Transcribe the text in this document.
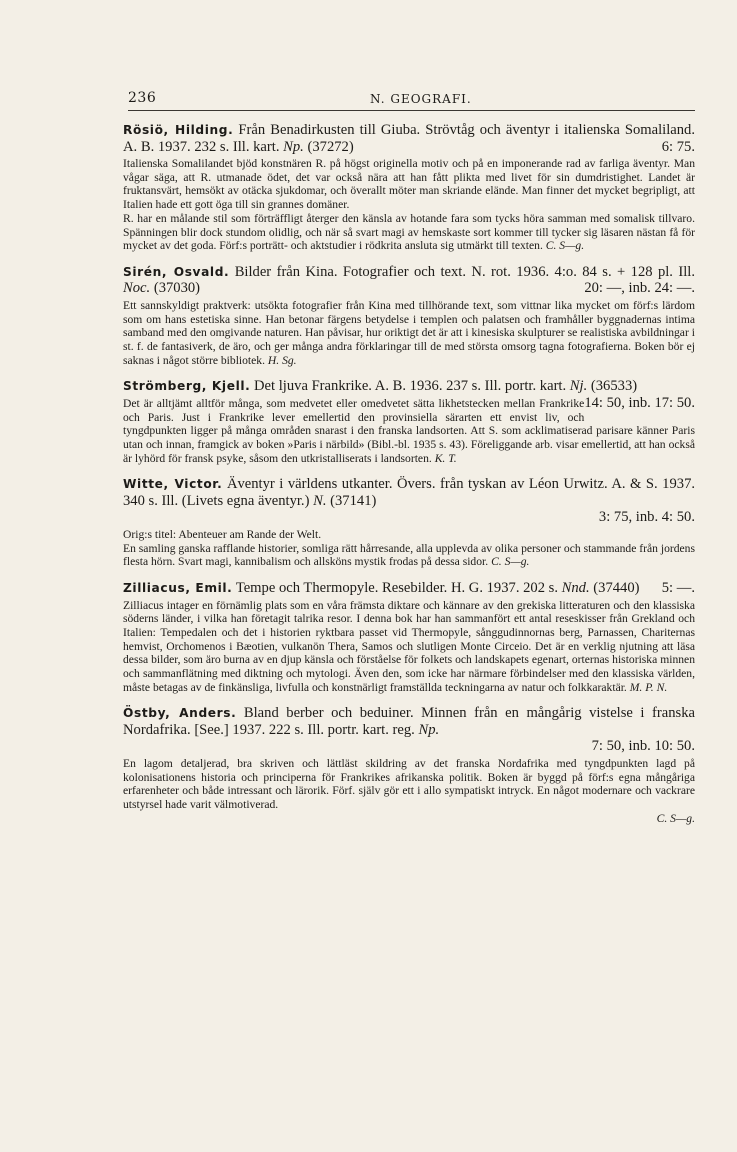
236	N. GEOGRAFI.
Rösiö, Hilding. Från Benadirkusten till Giuba. Strövtåg och äventyr i italienska Somaliland. A. B. 1937. 232 s. Ill. kart. Np. (37272)	6: 75.

Italienska Somalilandet bjöd konstnären R. på högst originella motiv och på en imponerande rad av farliga äventyr. Man vågar säga, att R. utmanade ödet, det var också nära att han fått plikta med livet för sin dumdristighet. Landet är fruktansvärt, hemsökt av otäcka sjukdomar, och överallt möter man skriande elände. Man finner det mycket begripligt, att Italien hade ett gott öga till sin grannes domäner.

R. har en målande stil som förträffligt återger den känsla av hotande fara som tycks höra samman med somalisk tillvaro. Spänningen blir dock stundom olidlig, och när så svart magi av hemskaste sort kommer till tycker sig läsaren nästan få för mycket av det goda. Förf:s porträtt- och aktstudier i rödkrita ansluta sig utmärkt till texten. C. S—g.

Sirén, Osvald. Bilder från Kina. Fotografier och text. N. rot. 1936. 4:o. 84 s. + 128 pl. Ill. Noc. (37030)	20: —, inb. 24: —.

Ett sannskyldigt praktverk: utsökta fotografier från Kina med tillhörande text, som vittnar lika mycket om förf:s lärdom som om hans estetiska sinne. Han betonar färgens betydelse i templen och palatsen och framhåller byggnadernas intima samband med den omgivande naturen. Han påvisar, hur oriktigt det är att i kinesiska skulpturer se realistiska avbildningar i st. f. de fantasiverk, de äro, och ger många andra förklaringar till de med största omsorg tagna fotografierna. Boken bör ej saknas i något större bibliotek. H. Sg.

Strömberg, Kjell. Det ljuva Frankrike. A. B. 1936. 237 s. Ill. portr. kart. Nj. (36533)
14: 50, inb. 17: 50.

Det är alltjämt alltför många, som medvetet eller omedvetet sätta likhetstecken mellan Frankrike och Paris. Just i Frankrike lever emellertid den provinsiella särarten ett envist liv, och tyngdpunkten ligger på många områden snarast i den franska landsorten. Att S. som acklimatiserad parisare känner Paris utan och innan, framgick av boken »Paris i närbild» (Bibl.-bl. 1935 s. 43). Föreliggande arb. visar emellertid, att han också är lyhörd för fransk psyke, såsom den utkristalliserats i landsorten. K. T.

Witte, Victor. Äventyr i världens utkanter. Övers. från tyskan av Léon Urwitz. A. & S. 1937. 340 s. Ill. (Livets egna äventyr.) N. (37141)
3: 75, inb. 4: 50.

Orig:s titel: Abenteuer am Rande der Welt.

En samling ganska rafflande historier, somliga rätt hårresande, alla upplevda av olika personer och stammande från jordens flesta hörn. Svart magi, kannibalism och allsköns mystik frodas på dessa sidor. C. S—g.

Zilliacus, Emil. Tempe och Thermopyle. Resebilder. H. G. 1937. 202 s. Nnd. (37440) 5: —.

Zilliacus intager en förnämlig plats som en våra främsta diktare och kännare av den grekiska litteraturen och den klassiska söderns länder, i vilka han företagit talrika resor. I denna bok har han sammanfört ett antal reseskisser från Grekland och Italien: Tempedalen och det i historien ryktbara passet vid Thermopyle, sånggudinnornas berg, Parnassen, Chariternas hemvist, Orchomenos i Bæotien, vulkanön Thera, Samos och slutligen Monte Circeio. Det är en verklig njutning att läsa dessa bilder, som äro burna av en djup känsla och förståelse för folkets och landskapets egenart, orternas historiska minnen och sammanflätning med diktning och mytologi. Även den, som icke har närmare förbindelser med den klassiska världen, måste betagas av de finkänsliga, livfulla och konstnärligt framställda teckningarna av natur och folkkaraktär. M. P. N.

Östby, Anders. Bland berber och beduiner. Minnen från en mångårig vistelse i franska Nordafrika. [See.] 1937. 222 s. Ill. portr. kart. reg. Np.
7: 50, inb. 10: 50.

En lagom detaljerad, bra skriven och lättläst skildring av det franska Nordafrika med tyngdpunkten lagd på kolonisationens historia och principerna för Frankrikes afrikanska politik. Boken är byggd på förf:s egna mångåriga erfarenheter och både intressant och lärorik. Förf. själv gör ett i allo sympatiskt intryck. En något modernare och vackrare utstyrsel hade varit välmotiverad.

C. S—g.
